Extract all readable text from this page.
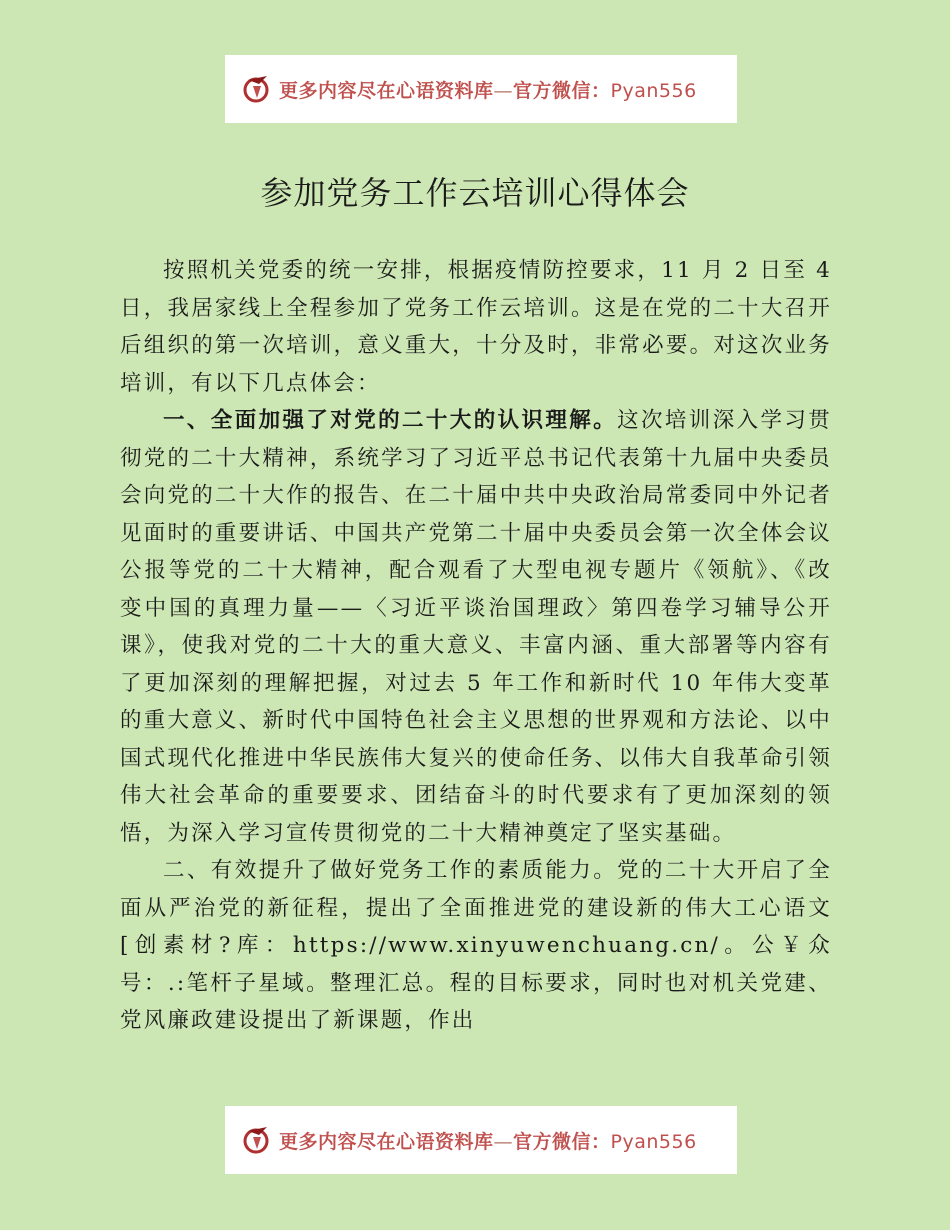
更多内容尽在心语资料库—官方微信：Pyan556
参加党务工作云培训心得体会

按照机关党委的统一安排，根据疫情防控要求，11 月 2 日至 4 日，我居家线上全程参加了党务工作云培训。这是在党的二十大召开后组织的第一次培训，意义重大，十分及时，非常必要。对这次业务培训，有以下几点体会：

一、全面加强了对党的二十大的认识理解。这次培训深入学习贯彻党的二十大精神，系统学习了习近平总书记代表第十九届中央委员会向党的二十大作的报告、在二十届中共中央政治局常委同中外记者见面时的重要讲话、中国共产党第二十届中央委员会第一次全体会议公报等党的二十大精神，配合观看了大型电视专题片《领航》、《改变中国的真理力量——〈习近平谈治国理政〉第四卷学习辅导公开课》，使我对党的二十大的重大意义、丰富内涵、重大部署等内容有了更加深刻的理解把握，对过去 5 年工作和新时代 10 年伟大变革的重大意义、新时代中国特色社会主义思想的世界观和方法论、以中国式现代化推进中华民族伟大复兴的使命任务、以伟大自我革命引领伟大社会革命的重要要求、团结奋斗的时代要求有了更加深刻的领悟，为深入学习宣传贯彻党的二十大精神奠定了坚实基础。

二、有效提升了做好党务工作的素质能力。党的二十大开启了全面从严治党的新征程，提出了全面推进党的建设新的伟大工心语文[创素材?库：https://www.xinyuwenchuang.cn/。公￥众号：.:笔杆子星域。整理汇总。程的目标要求，同时也对机关党建、党风廉政建设提出了新课题，作出

更多内容尽在心语资料库—官方微信：Pyan556
